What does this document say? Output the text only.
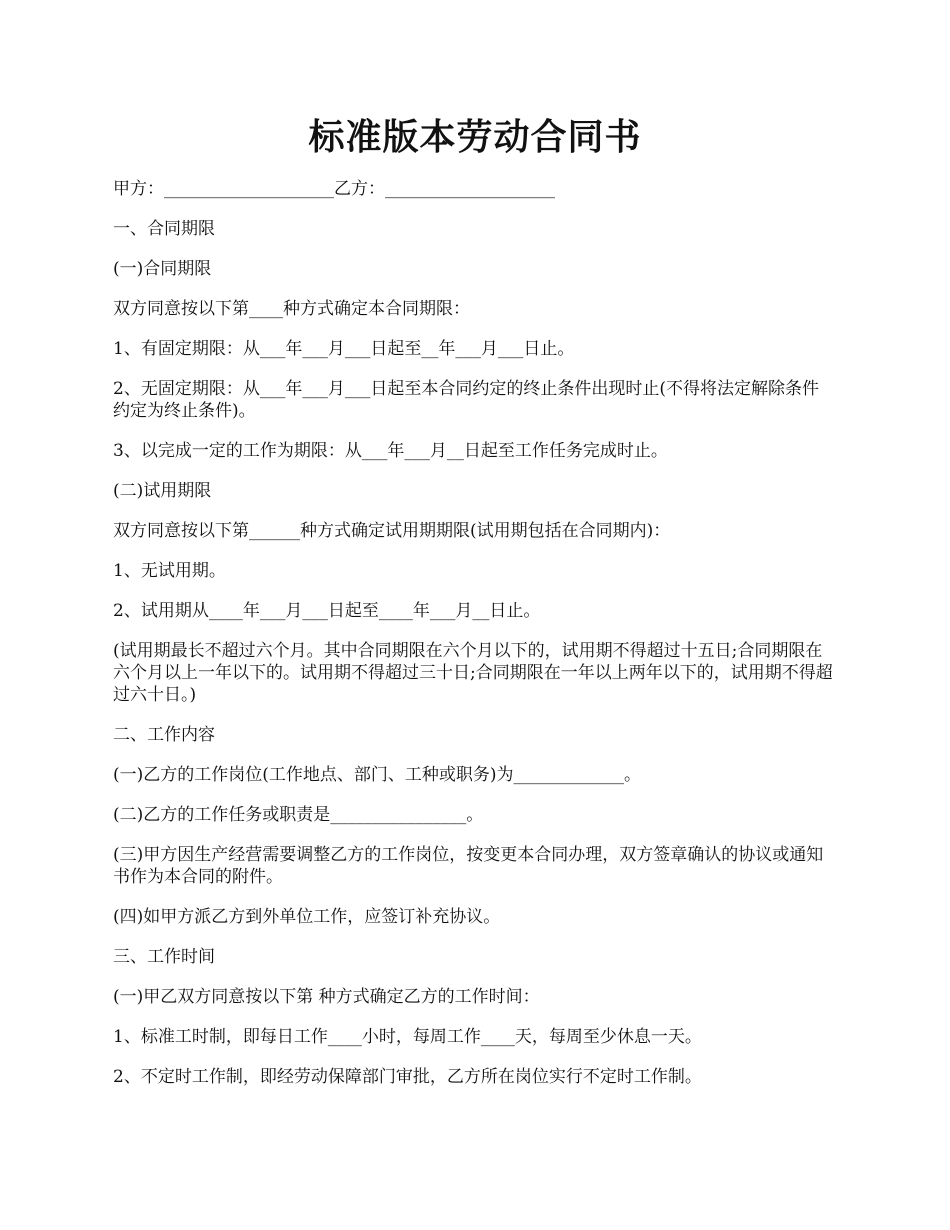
标准版本劳动合同书

甲方：____________________乙方：____________________

一、合同期限

(一)合同期限

双方同意按以下第____种方式确定本合同期限：

1、有固定期限：从___年___月___日起至__年___月___日止。

2、无固定期限：从___年___月___日起至本合同约定的终止条件出现时止(不得将法定解除条件约定为终止条件)。

3、以完成一定的工作为期限：从___年___月__日起至工作任务完成时止。

(二)试用期限

双方同意按以下第______种方式确定试用期期限(试用期包括在合同期内)：

1、无试用期。

2、试用期从____年___月___日起至____年___月__日止。

(试用期最长不超过六个月。其中合同期限在六个月以下的，试用期不得超过十五日;合同期限在六个月以上一年以下的。试用期不得超过三十日;合同期限在一年以上两年以下的，试用期不得超过六十日。)

二、工作内容

(一)乙方的工作岗位(工作地点、部门、工种或职务)为_____________。

(二)乙方的工作任务或职责是________________。

(三)甲方因生产经营需要调整乙方的工作岗位，按变更本合同办理，双方签章确认的协议或通知书作为本合同的附件。

(四)如甲方派乙方到外单位工作，应签订补充协议。

三、工作时间

(一)甲乙双方同意按以下第 种方式确定乙方的工作时间：

1、标准工时制，即每日工作____小时，每周工作____天，每周至少休息一天。

2、不定时工作制，即经劳动保障部门审批，乙方所在岗位实行不定时工作制。
